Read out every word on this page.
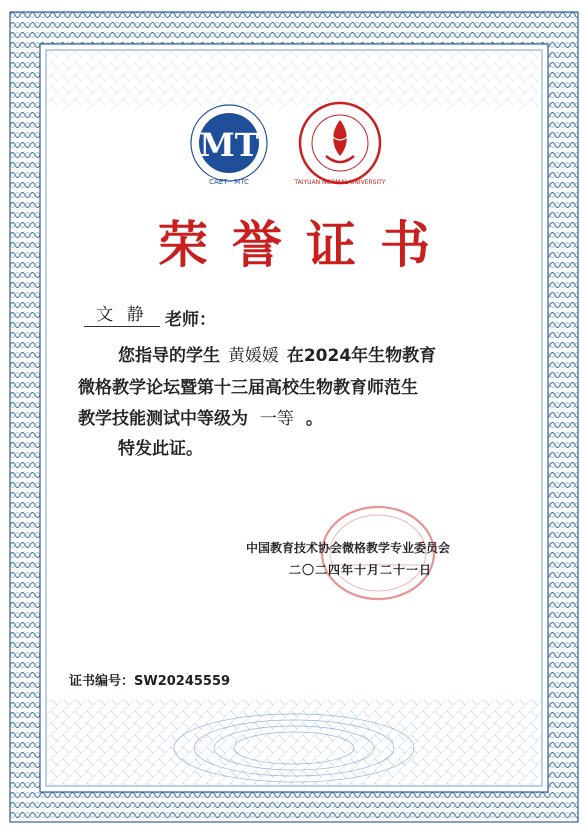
MT
CAET · MTC	TAIYUAN NORMAL UNIVERSITY
荣誉证书
文 静	老师：
您指导的学生 黄媛媛 在2024年生物教育
微格教学论坛暨第十三届高校生物教育师范生
教学技能测试中等级为 一等 。
特发此证。
中国教育技术协会微格教学专业委员会
二〇二四年十月二十一日
证书编号：SW20245559
